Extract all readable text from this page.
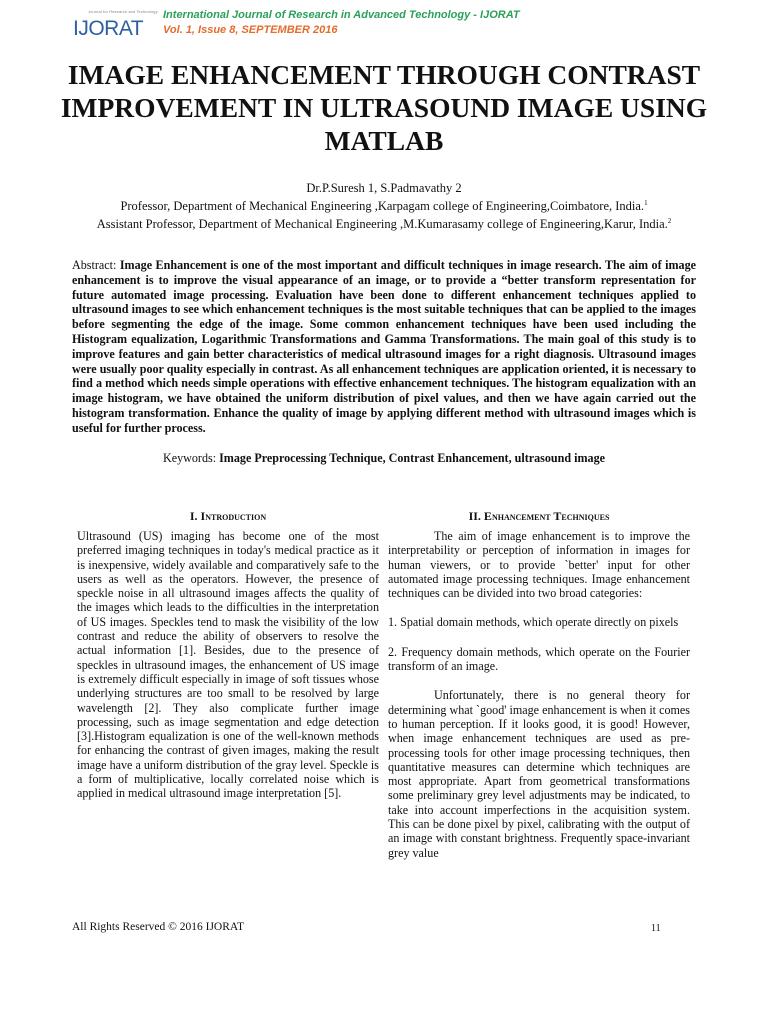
Journal for Research and Technology
IJORAT
International Journal of Research in Advanced Technology - IJORAT
Vol. 1, Issue 8, SEPTEMBER 2016
IMAGE ENHANCEMENT THROUGH CONTRAST IMPROVEMENT IN ULTRASOUND IMAGE USING MATLAB
Dr.P.Suresh 1, S.Padmavathy 2
Professor, Department of Mechanical Engineering ,Karpagam college of Engineering,Coimbatore, India.$^1$
Assistant Professor, Department of Mechanical Engineering ,M.Kumarasamy college of Engineering,Karur, India.$^2$

Abstract: Image Enhancement is one of the most important and difficult techniques in image research. The aim of image enhancement is to improve the visual appearance of an image, or to provide a “better transform representation for future automated image processing. Evaluation have been done to different enhancement techniques applied to ultrasound images to see which enhancement techniques is the most suitable techniques that can be applied to the images before segmenting the edge of the image. Some common enhancement techniques have been used including the Histogram equalization, Logarithmic Transformations and Gamma Transformations. The main goal of this study is to improve features and gain better characteristics of medical ultrasound images for a right diagnosis. Ultrasound images were usually poor quality especially in contrast. As all enhancement techniques are application oriented, it is necessary to find a method which needs simple operations with effective enhancement techniques. The histogram equalization with an image histogram, we have obtained the uniform distribution of pixel values, and then we have again carried out the histogram transformation. Enhance the quality of image by applying different method with ultrasound images which is useful for further process.

Keywords: Image Preprocessing Technique, Contrast Enhancement, ultrasound image

I. Introduction

Ultrasound (US) imaging has become one of the most preferred imaging techniques in today's medical practice as it is inexpensive, widely available and comparatively safe to the users as well as the operators. However, the presence of speckle noise in all ultrasound images affects the quality of the images which leads to the difficulties in the interpretation of US images. Speckles tend to mask the visibility of the low contrast and reduce the ability of observers to resolve the actual information [1]. Besides, due to the presence of speckles in ultrasound images, the enhancement of US image is extremely difficult especially in image of soft tissues whose underlying structures are too small to be resolved by large wavelength [2]. They also complicate further image processing, such as image segmentation and edge detection [3].Histogram equalization is one of the well-known methods for enhancing the contrast of given images, making the result image have a uniform distribution of the gray level. Speckle is a form of multiplicative, locally correlated noise which is applied in medical ultrasound image interpretation [5].

II. Enhancement Techniques

The aim of image enhancement is to improve the interpretability or perception of information in images for human viewers, or to provide `better' input for other automated image processing techniques. Image enhancement techniques can be divided into two broad categories:

1. Spatial domain methods, which operate directly on pixels

2. Frequency domain methods, which operate on the Fourier transform of an image.

Unfortunately, there is no general theory for determining what `good' image enhancement is when it comes to human perception. If it looks good, it is good! However, when image enhancement techniques are used as pre-processing tools for other image processing techniques, then quantitative measures can determine which techniques are most appropriate. Apart from geometrical transformations some preliminary grey level adjustments may be indicated, to take into account imperfections in the acquisition system. This can be done pixel by pixel, calibrating with the output of an image with constant brightness. Frequently space-invariant grey value

All Rights Reserved © 2016 IJORAT	11
